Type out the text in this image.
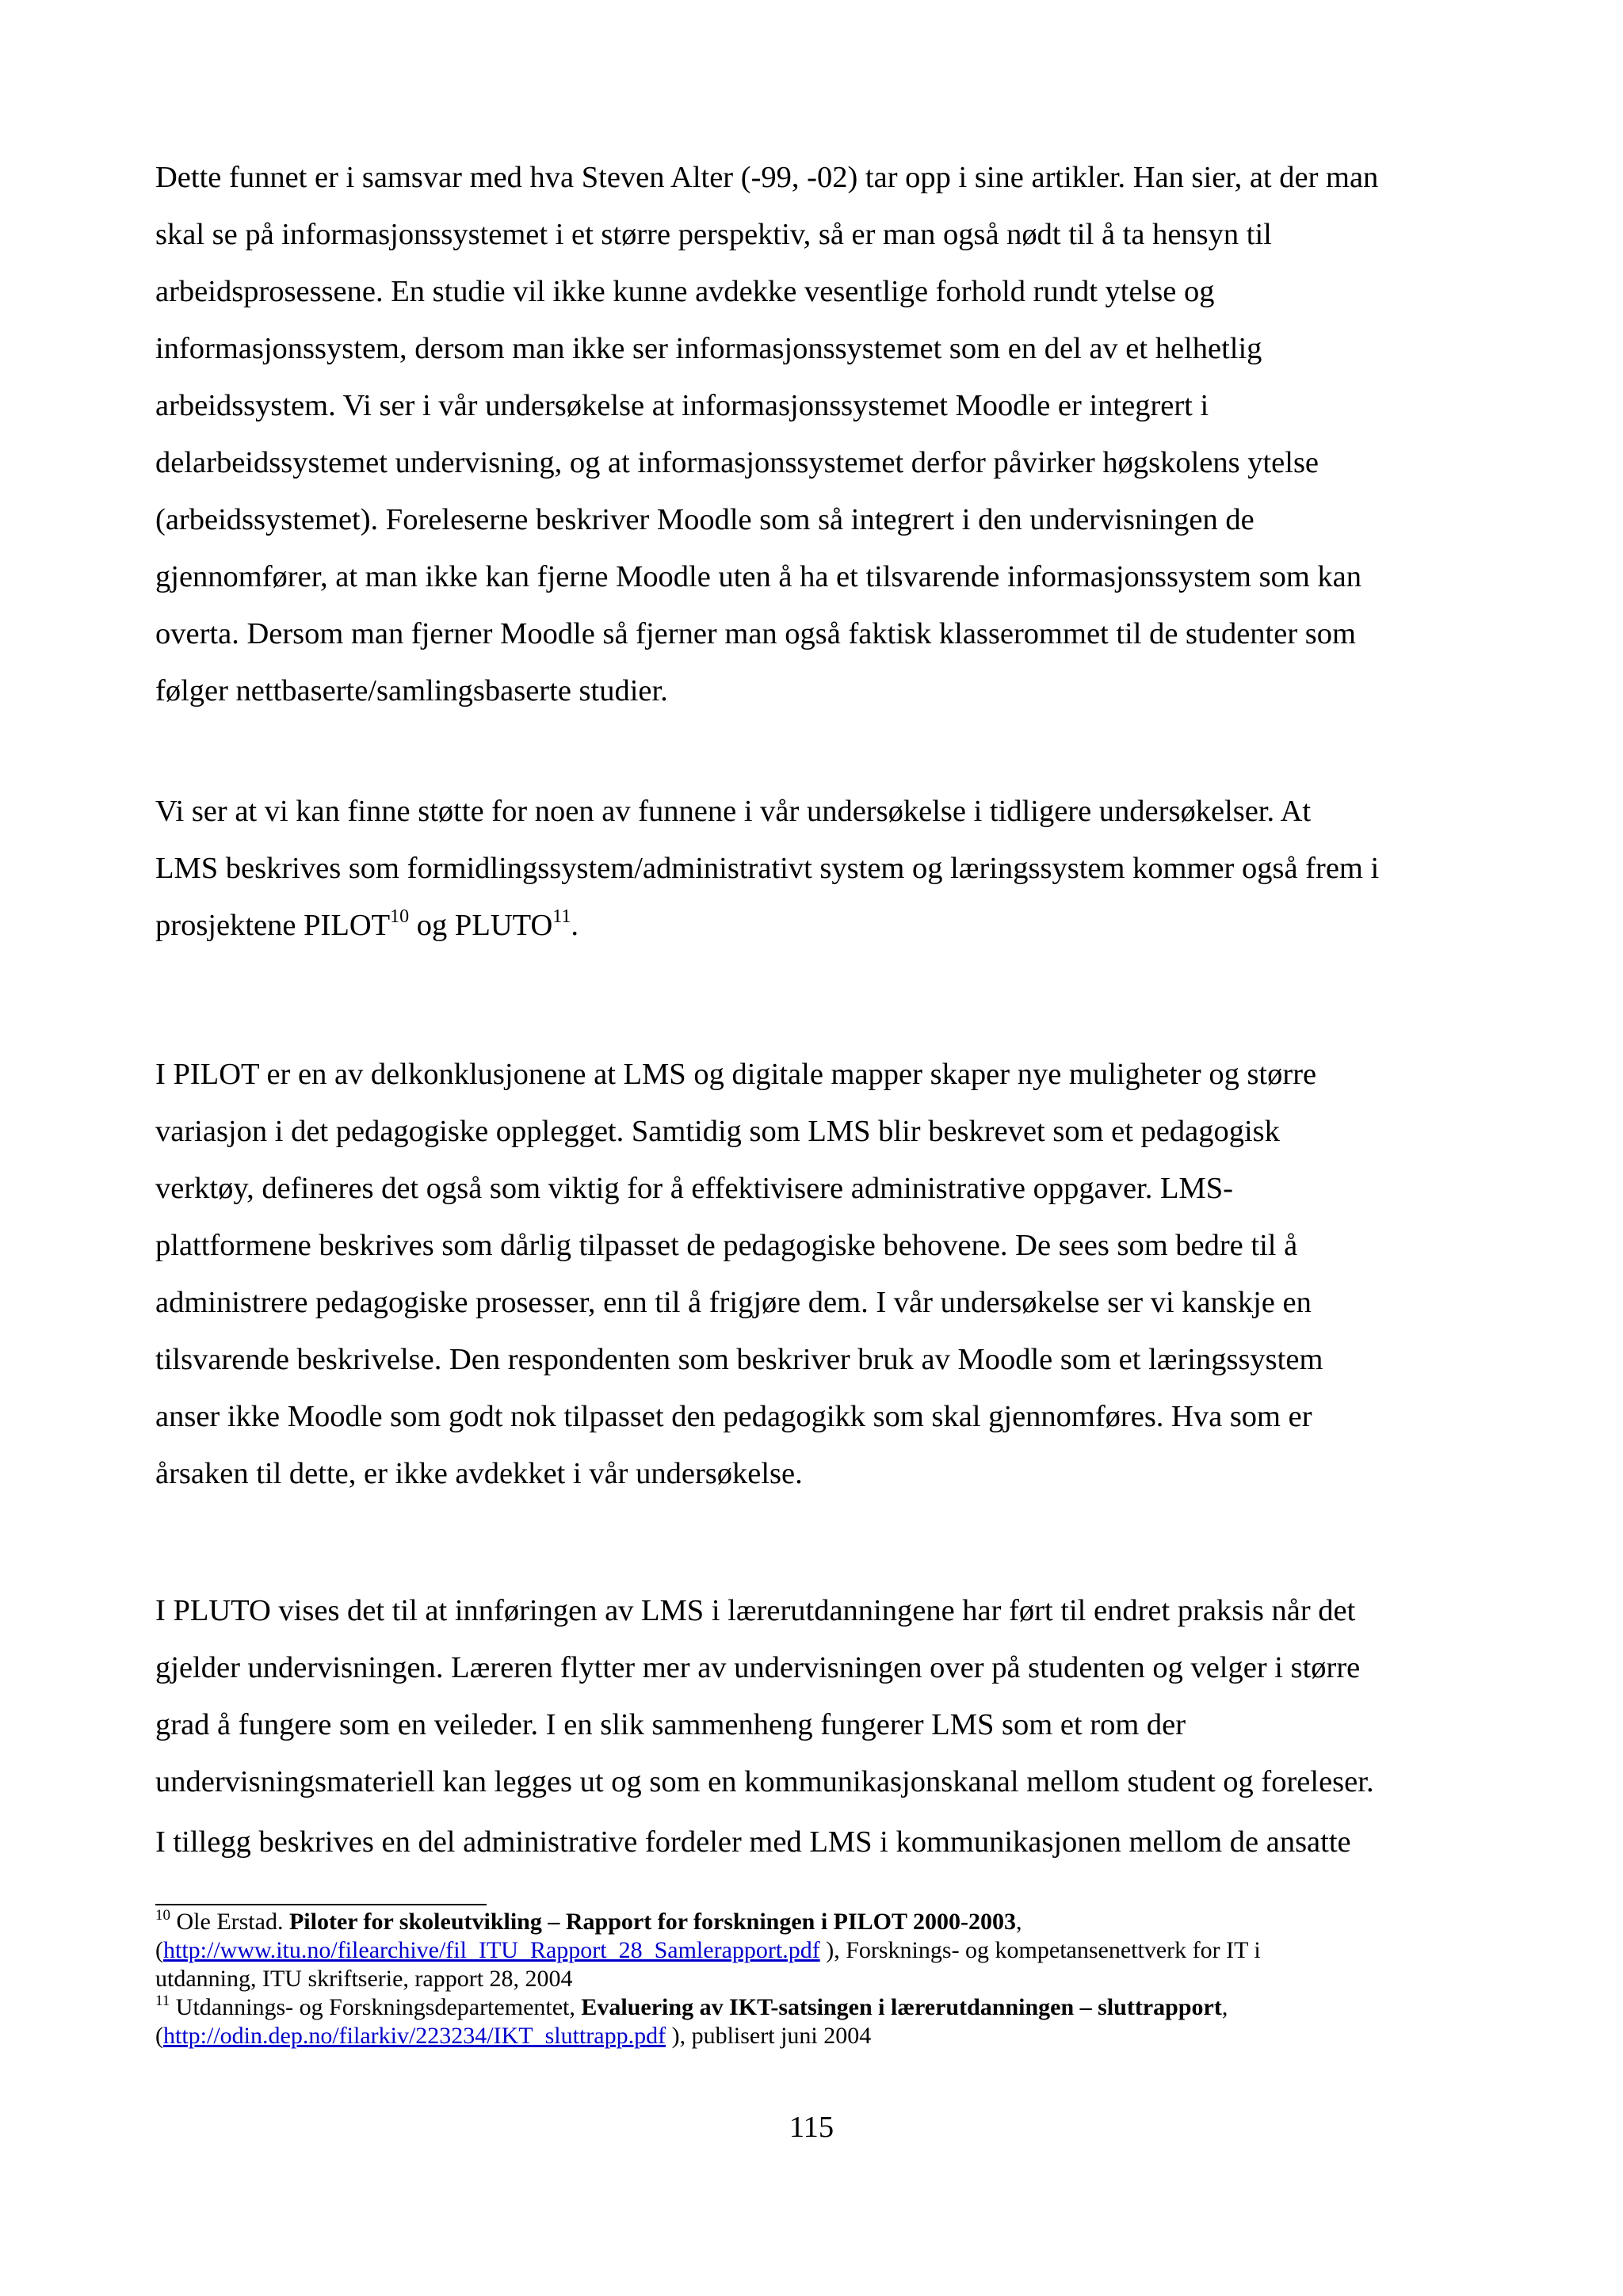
Dette funnet er i samsvar med hva Steven Alter (-99, -02) tar opp i sine artikler. Han sier, at der man
skal se på informasjonssystemet i et større perspektiv, så er man også nødt til å ta hensyn til
arbeidsprosessene. En studie vil ikke kunne avdekke vesentlige forhold rundt ytelse og
informasjonssystem, dersom man ikke ser informasjonssystemet som en del av et helhetlig
arbeidssystem. Vi ser i vår undersøkelse at informasjonssystemet Moodle er integrert i
delarbeidssystemet undervisning, og at informasjonssystemet derfor påvirker høgskolens ytelse
(arbeidssystemet). Foreleserne beskriver Moodle som så integrert i den undervisningen de
gjennomfører, at man ikke kan fjerne Moodle uten å ha et tilsvarende informasjonssystem som kan
overta. Dersom man fjerner Moodle så fjerner man også faktisk klasserommet til de studenter som
følger nettbaserte/samlingsbaserte studier.

Vi ser at vi kan finne støtte for noen av funnene i vår undersøkelse i tidligere undersøkelser. At
LMS beskrives som formidlingssystem/administrativt system og læringssystem kommer også frem i
prosjektene PILOT$^{10}$ og PLUTO$^{11}$.

I PILOT er en av delkonklusjonene at LMS og digitale mapper skaper nye muligheter og større
variasjon i det pedagogiske opplegget. Samtidig som LMS blir beskrevet som et pedagogisk
verktøy, defineres det også som viktig for å effektivisere administrative oppgaver. LMS-
plattformene beskrives som dårlig tilpasset de pedagogiske behovene. De sees som bedre til å
administrere pedagogiske prosesser, enn til å frigjøre dem. I vår undersøkelse ser vi kanskje en
tilsvarende beskrivelse. Den respondenten som beskriver bruk av Moodle som et læringssystem
anser ikke Moodle som godt nok tilpasset den pedagogikk som skal gjennomføres. Hva som er
årsaken til dette, er ikke avdekket i vår undersøkelse.

I PLUTO vises det til at innføringen av LMS i lærerutdanningene har ført til endret praksis når det
gjelder undervisningen. Læreren flytter mer av undervisningen over på studenten og velger i større
grad å fungere som en veileder. I en slik sammenheng fungerer LMS som et rom der
undervisningsmateriell kan legges ut og som en kommunikasjonskanal mellom student og foreleser.

I tillegg beskrives en del administrative fordeler med LMS i kommunikasjonen mellom de ansatte

$^{10}$ Ole Erstad. Piloter for skoleutvikling – Rapport for forskningen i PILOT 2000-2003,
(http://www.itu.no/filearchive/fil_ITU_Rapport_28_Samlerapport.pdf ), Forsknings- og kompetansenettverk for IT i
utdanning, ITU skriftserie, rapport 28, 2004
$^{11}$ Utdannings- og Forskningsdepartementet, Evaluering av IKT-satsingen i lærerutdanningen – sluttrapport,
(http://odin.dep.no/filarkiv/223234/IKT_sluttrapp.pdf ), publisert juni 2004
115
